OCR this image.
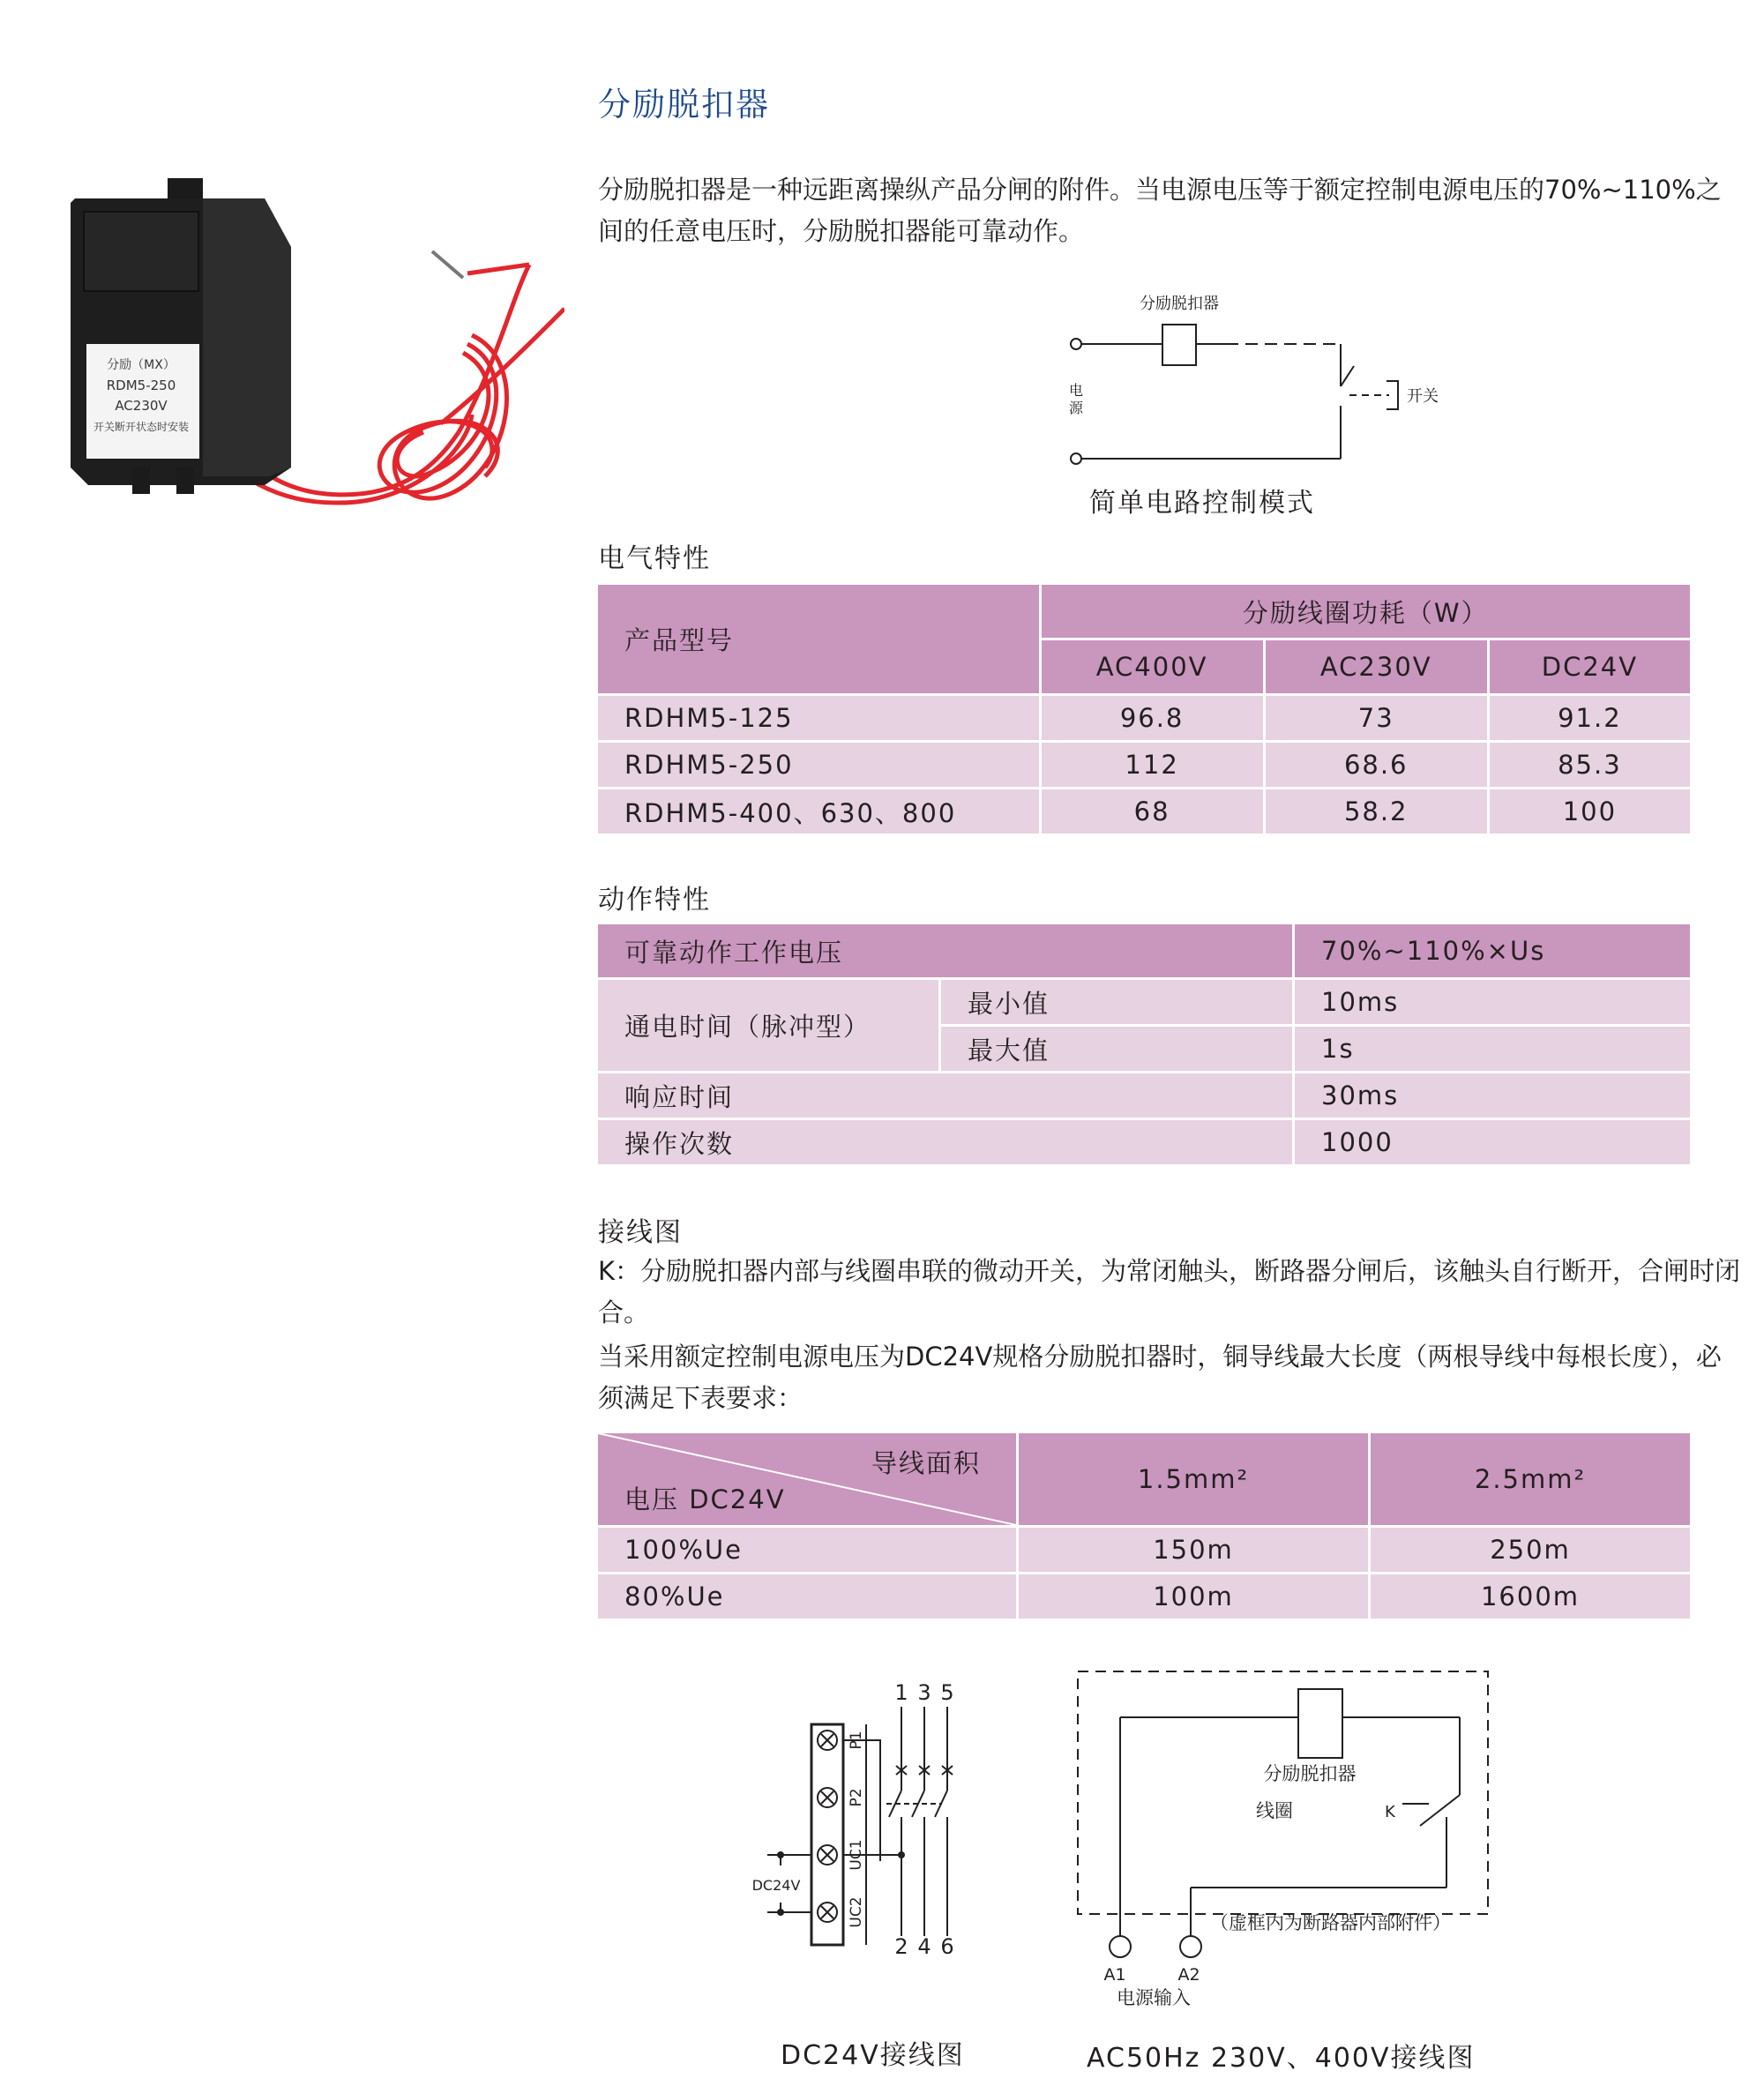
分励脱扣器
分励脱扣器是一种远距离操纵产品分闸的附件。当电源电压等于额定控制电源电压的70%~110%之间的任意电压时，分励脱扣器能可靠动作。
分励（MX）
RDM5-250
AC230V
开关断开状态时安装
分励脱扣器
开关
电
源
简单电路控制模式
电气特性
产品型号	分励线圈功耗（W）		
	AC400V	AC230V	DC24V
RDHM5-125	96.8	73	91.2
RDHM5-250	112	68.6	85.3
RDHM5-400、630、800	68	58.2	100
动作特性
可靠动作工作电压		70%~110%×Us
通电时间（脉冲型）	最小值	10ms
	最大值	1s
响应时间		30ms
操作次数		1000
接线图
K：分励脱扣器内部与线圈串联的微动开关，为常闭触头，断路器分闸后，该触头自行断开，合闸时闭合。
当采用额定控制电源电压为DC24V规格分励脱扣器时，铜导线最大长度（两根导线中每根长度），必须满足下表要求：
导线面积
电压 DC24V	1.5mm²	2.5mm²
100%Ue	150m	250m
80%Ue	100m	1600m
1 3 5
2 4 6
DC24V
P1
P2
UC1
UC2
DC24V接线图
分励脱扣器
线圈	K
（虚框内为断路器内部附件）
A1	A2
电源输入
AC50Hz 230V、400V接线图
